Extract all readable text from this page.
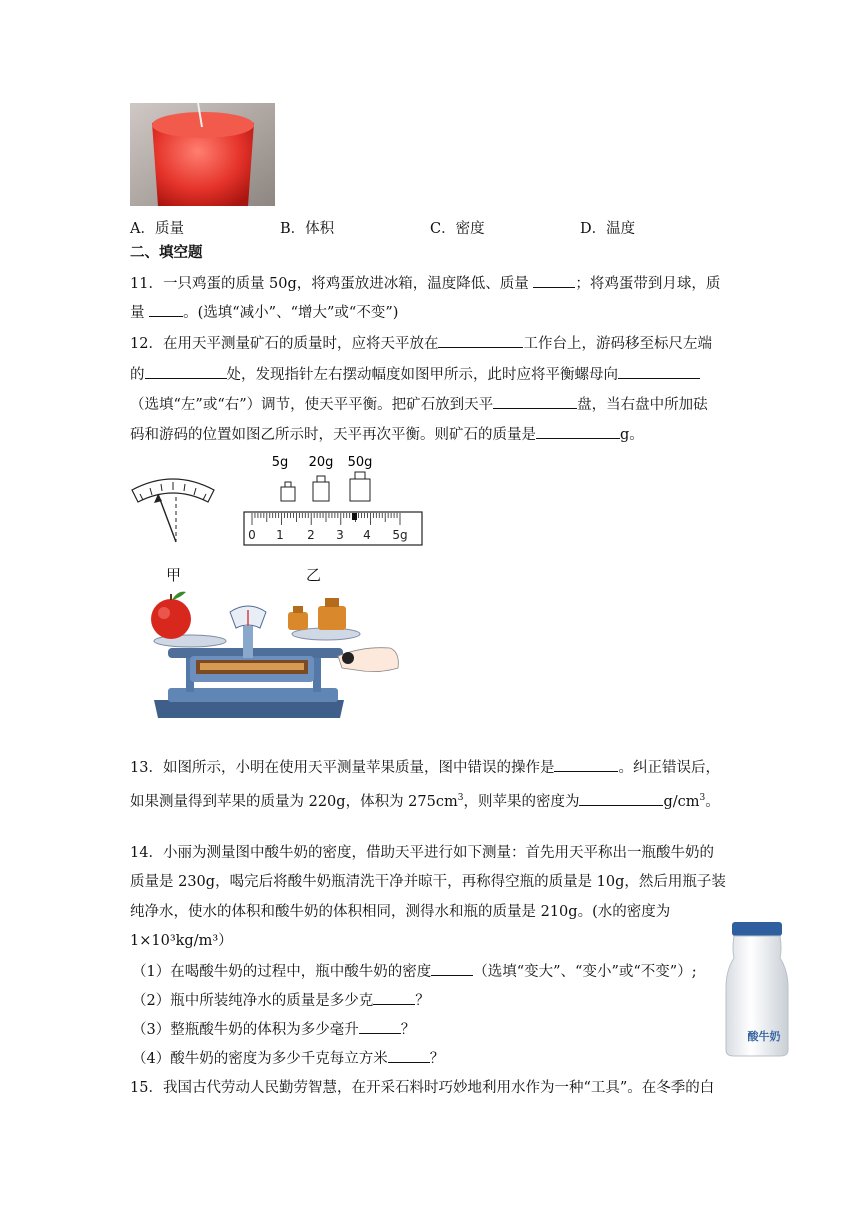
A．质量	B．体积	C．密度	D．温度
二、填空题
11．一只鸡蛋的质量 50g，将鸡蛋放进冰箱，温度降低、质量	；将鸡蛋带到月球，质
量	。(选填“减小”、“增大”或“不变”)
12．在用天平测量矿石的质量时，应将天平放在	工作台上，游码移至标尺左端
的	处，发现指针左右摆动幅度如图甲所示，此时应将平衡螺母向
（选填“左”或“右”）调节，使天平平衡。把矿石放到天平	盘，当右盘中所加砝
码和游码的位置如图乙所示时，天平再次平衡。则矿石的质量是	g。
5g 20g 50g
0 1 2 3 4 5g
甲	乙
13．如图所示，小明在使用天平测量苹果质量，图中错误的操作是	。纠正错误后，
如果测量得到苹果的质量为 220g，体积为 $275cm^3$，则苹果的密度为	$g/cm^3$。
14．小丽为测量图中酸牛奶的密度，借助天平进行如下测量：首先用天平称出一瓶酸牛奶的
质量是 230g，喝完后将酸牛奶瓶清洗干净并晾干，再称得空瓶的质量是 10g，然后用瓶子装
纯净水，使水的体积和酸牛奶的体积相同，测得水和瓶的质量是 210g。(水的密度为
1×10³kg/m³）
（1）在喝酸牛奶的过程中，瓶中酸牛奶的密度	（选填“变大”、“变小”或“不变”）;
（2）瓶中所装纯净水的质量是多少克	？
（3）整瓶酸牛奶的体积为多少毫升	？
（4）酸牛奶的密度为多少千克每立方米	？
酸牛奶
15．我国古代劳动人民勤劳智慧，在开采石料时巧妙地利用水作为一种“工具”。在冬季的白
